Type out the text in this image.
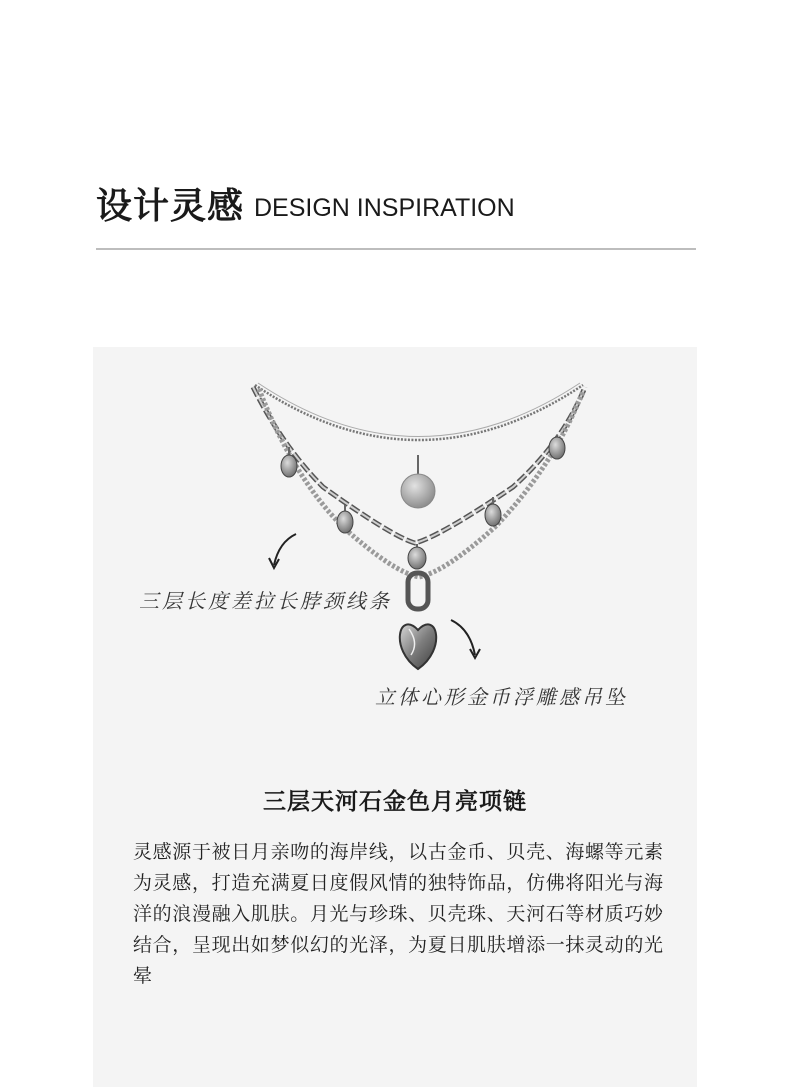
设计灵感 DESIGN INSPIRATION
三层长度差拉长脖颈线条
立体心形金币浮雕感吊坠
三层天河石金色月亮项链
灵感源于被日月亲吻的海岸线，以古金币、贝壳、海螺等元素为灵感，打造充满夏日度假风情的独特饰品，仿佛将阳光与海洋的浪漫融入肌肤。月光与珍珠、贝壳珠、天河石等材质巧妙结合，呈现出如梦似幻的光泽，为夏日肌肤增添一抹灵动的光晕
